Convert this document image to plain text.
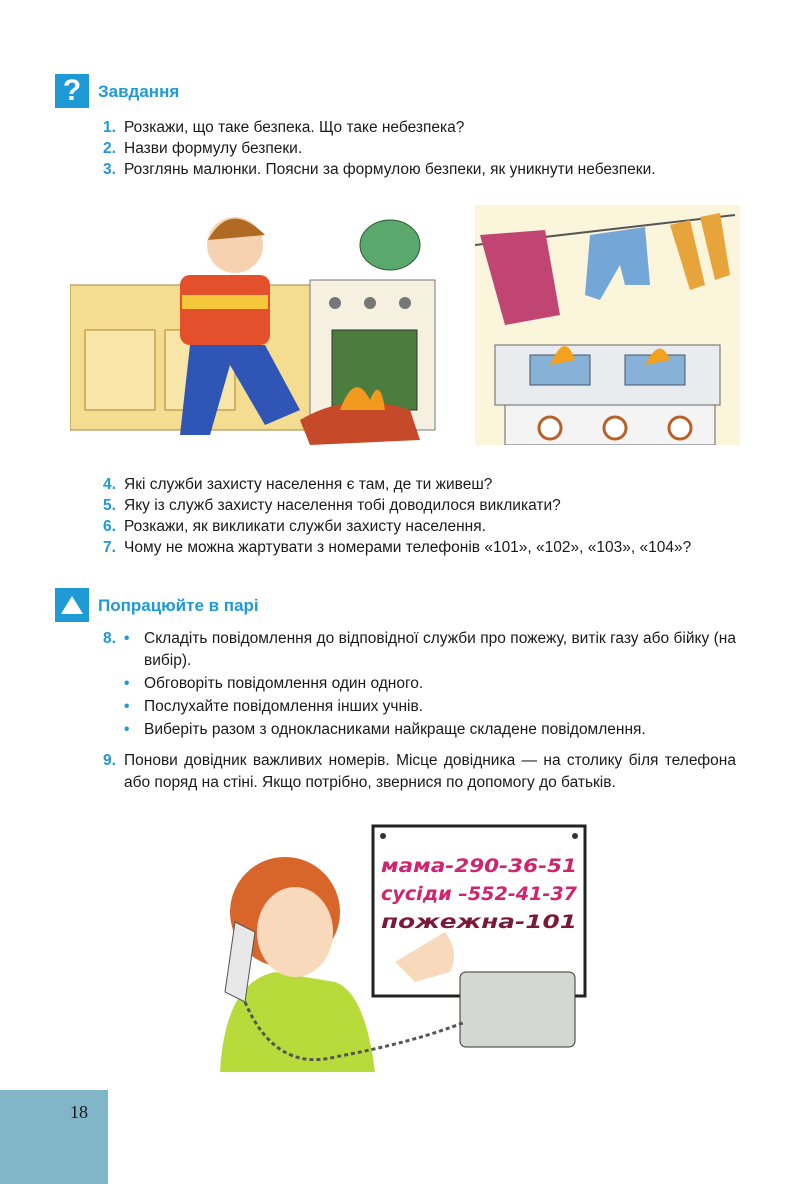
? Завдання
1. Розкажи, що таке безпека. Що таке небезпека?
2. Назви формулу безпеки.
3. Розглянь малюнки. Поясни за формулою безпеки, як уникнути небезпеки.
4. Які служби захисту населення є там, де ти живеш?
5. Яку із служб захисту населення тобі доводилося викликати?
6. Розкажи, як викликати служби захисту населення.
7. Чому не можна жартувати з номерами телефонів «101», «102», «103», «104»?
Попрацюйте в парі
8. • Складіть повідомлення до відповідної служби про пожежу, витік газу або бійку (на вибір).
• Обговоріть повідомлення один одного.
• Послухайте повідомлення інших учнів.
• Виберіть разом з однокласниками найкраще складене повідомлення.
9. Понови довідник важливих номерів. Місце довідника — на столику біля телефона або поряд на стіні. Якщо потрібно, звернися по допомогу до батьків.
мама-290-36-51
сусіди –552-41-37
пожежна-101
18
